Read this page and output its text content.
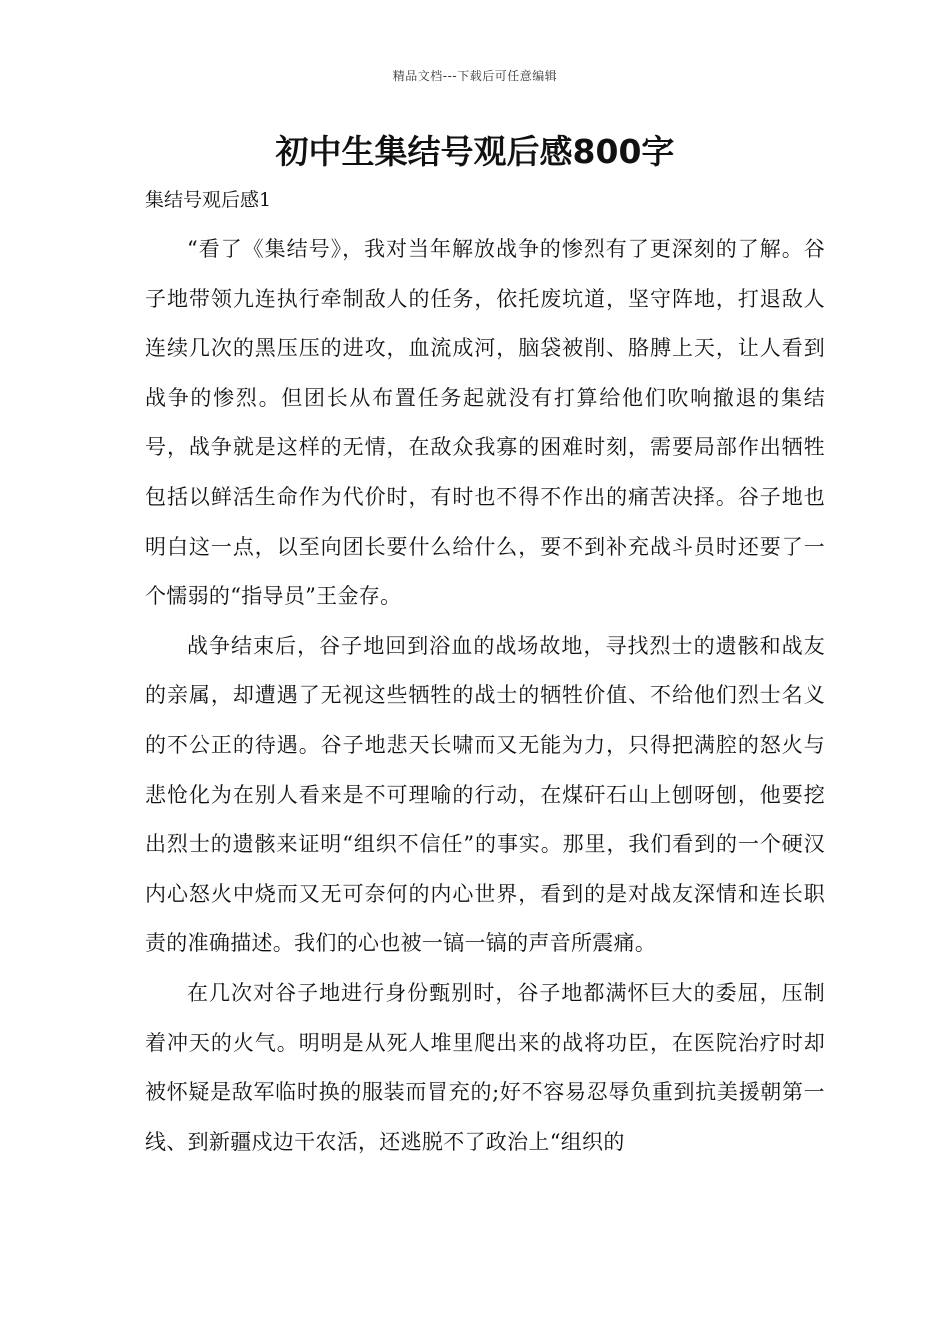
精品文档---下载后可任意编辑
初中生集结号观后感800字
集结号观后感1

“看了《集结号》，我对当年解放战争的惨烈有了更深刻的了解。谷子地带领九连执行牵制敌人的任务，依托废坑道，坚守阵地，打退敌人连续几次的黑压压的进攻，血流成河，脑袋被削、胳膊上天，让人看到战争的惨烈。但团长从布置任务起就没有打算给他们吹响撤退的集结号，战争就是这样的无情，在敌众我寡的困难时刻，需要局部作出牺牲包括以鲜活生命作为代价时，有时也不得不作出的痛苦决择。谷子地也明白这一点，以至向团长要什么给什么，要不到补充战斗员时还要了一个懦弱的“指导员”王金存。

战争结束后，谷子地回到浴血的战场故地，寻找烈士的遗骸和战友的亲属，却遭遇了无视这些牺牲的战士的牺牲价值、不给他们烈士名义的不公正的待遇。谷子地悲天长啸而又无能为力，只得把满腔的怒火与悲怆化为在别人看来是不可理喻的行动，在煤矸石山上刨呀刨，他要挖出烈士的遗骸来证明“组织不信任”的事实。那里，我们看到的一个硬汉内心怒火中烧而又无可奈何的内心世界，看到的是对战友深情和连长职责的准确描述。我们的心也被一镐一镐的声音所震痛。

在几次对谷子地进行身份甄别时，谷子地都满怀巨大的委屈，压制着冲天的火气。明明是从死人堆里爬出来的战将功臣，在医院治疗时却被怀疑是敌军临时换的服装而冒充的;好不容易忍辱负重到抗美援朝第一线、到新疆戍边干农活，还逃脱不了政治上“组织的
